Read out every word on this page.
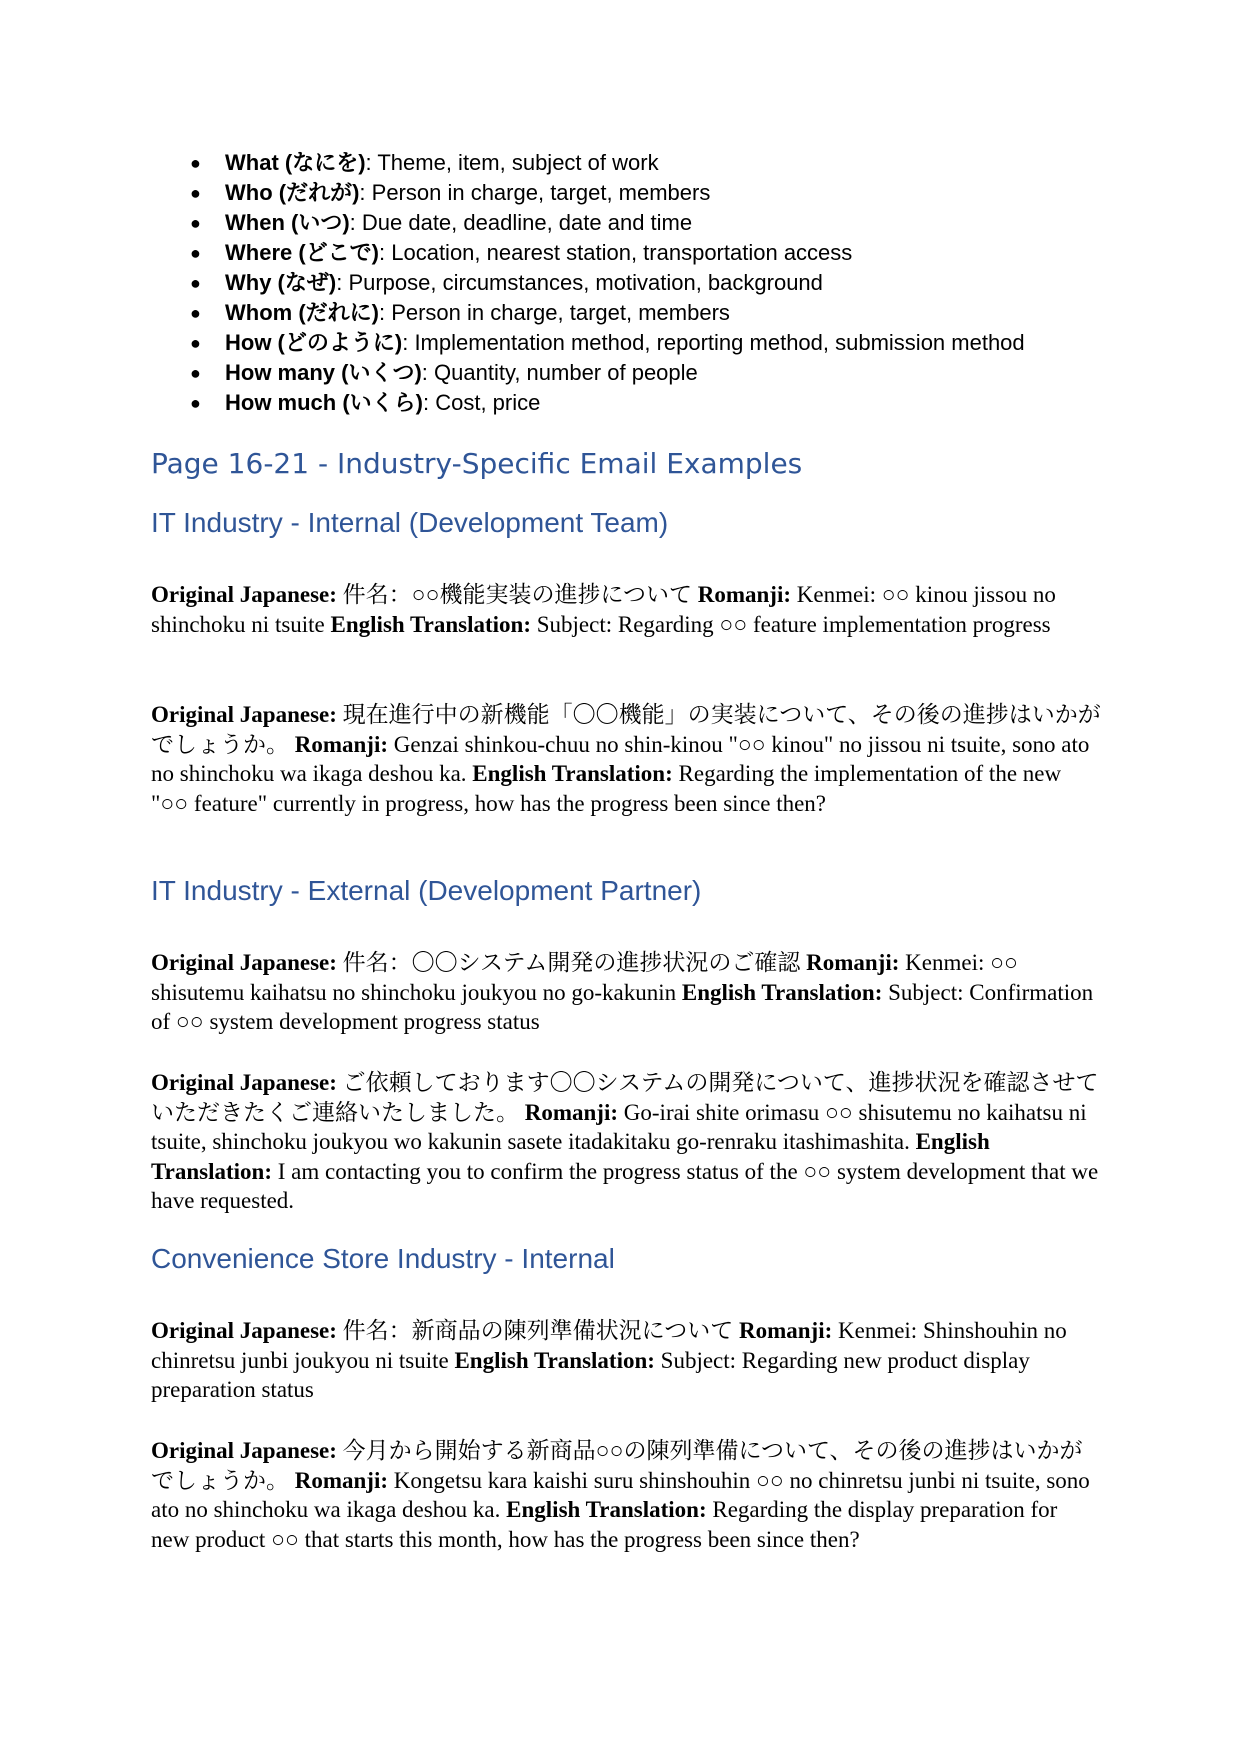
● What (なにを): Theme, item, subject of work
● Who (だれが): Person in charge, target, members
● When (いつ): Due date, deadline, date and time
● Where (どこで): Location, nearest station, transportation access
● Why (なぜ): Purpose, circumstances, motivation, background
● Whom (だれに): Person in charge, target, members
● How (どのように): Implementation method, reporting method, submission method
● How many (いくつ): Quantity, number of people
● How much (いくら): Cost, price
Page 16-21 - Industry-Specific Email Examples
IT Industry - Internal (Development Team)

Original Japanese: 件名：○○機能実装の進捗について Romanji: Kenmei: ○○ kinou jissou no shinchoku ni tsuite English Translation: Subject: Regarding ○○ feature implementation progress

Original Japanese: 現在進行中の新機能「〇〇機能」の実装について、その後の進捗はいかがでしょうか。 Romanji: Genzai shinkou-chuu no shin-kinou "○○ kinou" no jissou ni tsuite, sono ato no shinchoku wa ikaga deshou ka. English Translation: Regarding the implementation of the new "○○ feature" currently in progress, how has the progress been since then?

IT Industry - External (Development Partner)

Original Japanese: 件名：〇〇システム開発の進捗状況のご確認 Romanji: Kenmei: ○○ shisutemu kaihatsu no shinchoku joukyou no go-kakunin English Translation: Subject: Confirmation of ○○ system development progress status

Original Japanese: ご依頼しております〇〇システムの開発について、進捗状況を確認させていただきたくご連絡いたしました。 Romanji: Go-irai shite orimasu ○○ shisutemu no kaihatsu ni tsuite, shinchoku joukyou wo kakunin sasete itadakitaku go-renraku itashimashita. English Translation: I am contacting you to confirm the progress status of the ○○ system development that we have requested.

Convenience Store Industry - Internal

Original Japanese: 件名：新商品の陳列準備状況について Romanji: Kenmei: Shinshouhin no chinretsu junbi joukyou ni tsuite English Translation: Subject: Regarding new product display preparation status

Original Japanese: 今月から開始する新商品○○の陳列準備について、その後の進捗はいかがでしょうか。 Romanji: Kongetsu kara kaishi suru shinshouhin ○○ no chinretsu junbi ni tsuite, sono ato no shinchoku wa ikaga deshou ka. English Translation: Regarding the display preparation for new product ○○ that starts this month, how has the progress been since then?
